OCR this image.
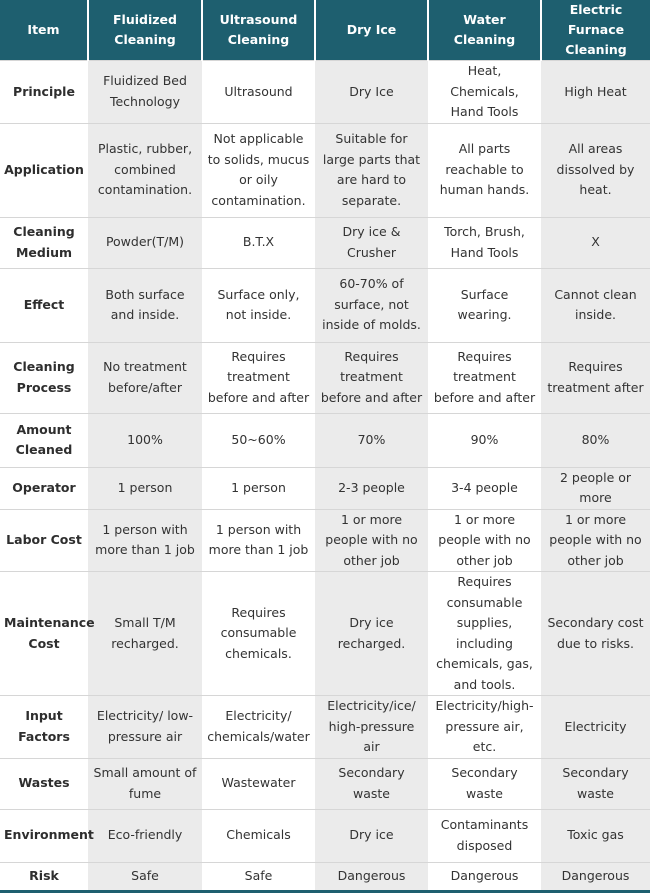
Item	Fluidized Cleaning	Ultrasound Cleaning	Dry Ice	Water Cleaning	Electric Furnace Cleaning
Principle	Fluidized Bed Technology	Ultrasound	Dry Ice	Heat, Chemicals, Hand Tools	High Heat
Application	Plastic, rubber, combined contamination.	Not applicable to solids, mucus or oily contamination.	Suitable for large parts that are hard to separate.	All parts reachable to human hands.	All areas dissolved by heat.
Cleaning Medium	Powder(T/M)	B.T.X	Dry ice & Crusher	Torch, Brush, Hand Tools	X
Effect	Both surface and inside.	Surface only, not inside.	60-70% of surface, not inside of molds.	Surface wearing.	Cannot clean inside.
Cleaning Process	No treatment before/after	Requires treatment before and after	Requires treatment before and after	Requires treatment before and after	Requires treatment after
Amount Cleaned	100%	50~60%	70%	90%	80%
Operator	1 person	1 person	2-3 people	3-4 people	2 people or more
Labor Cost	1 person with more than 1 job	1 person with more than 1 job	1 or more people with no other job	1 or more people with no other job	1 or more people with no other job
Maintenance Cost	Small T/M recharged.	Requires consumable chemicals.	Dry ice recharged.	Requires consumable supplies, including chemicals, gas, and tools.	Secondary cost due to risks.
Input Factors	Electricity/ low-pressure air	Electricity/ chemicals/water	Electricity/ice/ high-pressure air	Electricity/high-pressure air, etc.	Electricity
Wastes	Small amount of fume	Wastewater	Secondary waste	Secondary waste	Secondary waste
Environment	Eco-friendly	Chemicals	Dry ice	Contaminants disposed	Toxic gas
Risk	Safe	Safe	Dangerous	Dangerous	Dangerous
